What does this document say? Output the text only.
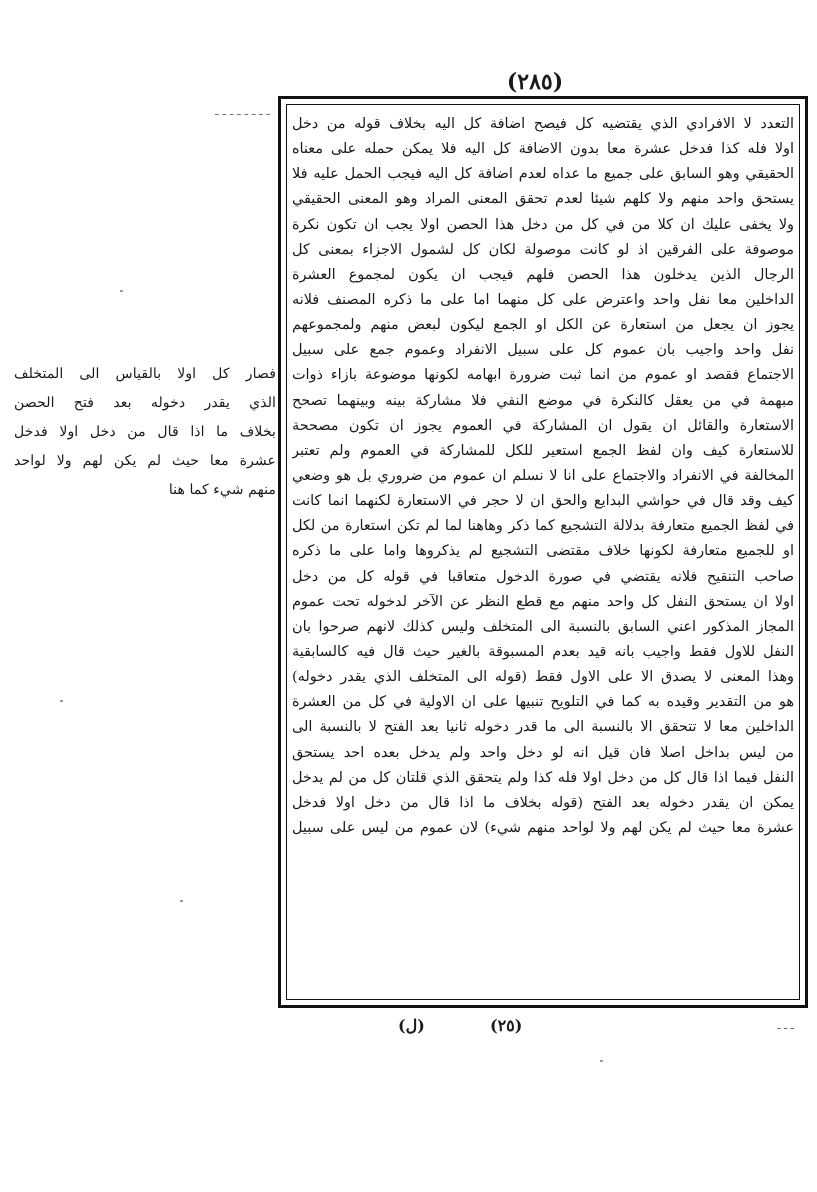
(٢٨٥)
ـ ـ ـ ـ ـ ـ ـ ـ
فصار كل اولا بالقياس الى المتخلف
الذي يقدر دخوله بعد فتح الحصن
بخلاف ما اذا قال من دخل اولا فدخل
عشرة معا حيث لم يكن لهم ولا لواحد
منهم شيء كما هنا
التعدد لا الافرادي الذي يقتضيه كل فيصح اضافة كل اليه بخلاف قوله من دخل
اولا فله كذا فدخل عشرة معا بدون الاضافة كل اليه فلا يمكن حمله على معناه
الحقيقي وهو السابق على جميع ما عداه لعدم اضافة كل اليه فيجب الحمل عليه فلا
يستحق واحد منهم ولا كلهم شيئا لعدم تحقق المعنى المراد وهو المعنى الحقيقي
ولا يخفى عليك ان كلا من في كل من دخل هذا الحصن اولا يجب ان تكون نكرة
موصوفة على الفرقين اذ لو كانت موصولة لكان كل لشمول الاجزاء بمعنى كل
الرجال الذين يدخلون هذا الحصن فلهم فيجب ان يكون لمجموع العشرة
الداخلين معا نفل واحد واعترض على كل منهما اما على ما ذكره المصنف فلانه
يجوز ان يجعل من استعارة عن الكل او الجمع ليكون لبعض منهم ولمجموعهم
نفل واحد واجيب بان عموم كل على سبيل الانفراد وعموم جمع على سبيل
الاجتماع فقصد او عموم من انما ثبت ضرورة ابهامه لكونها موضوعة بازاء ذوات
مبهمة في من يعقل كالنكرة في موضع النفي فلا مشاركة بينه وبينهما تصحح
الاستعارة والقائل ان يقول ان المشاركة في العموم يجوز ان تكون مصححة
للاستعارة كيف وان لفظ الجمع استعير للكل للمشاركة في العموم ولم تعتبر
المخالفة في الانفراد والاجتماع على انا لا نسلم ان عموم من ضروري بل هو وضعي
كيف وقد قال في حواشي البدايع والحق ان لا حجر في الاستعارة لكنهما انما كانت
في لفظ الجميع متعارفة بدلالة التشجيع كما ذكر وهاهنا لما لم تكن استعارة من لكل
او للجميع متعارفة لكونها خلاف مقتضى التشجيع لم يذكروها واما على ما ذكره
صاحب التنقيح فلانه يقتضي في صورة الدخول متعاقبا في قوله كل من دخل
اولا ان يستحق النفل كل واحد منهم مع قطع النظر عن الآخر لدخوله تحت عموم
المجاز المذكور اعني السابق بالنسبة الى المتخلف وليس كذلك لانهم صرحوا بان
النفل للاول فقط واجيب بانه قيد بعدم المسبوقة بالغير حيث قال فيه كالسابقية
وهذا المعنى لا يصدق الا على الاول فقط (قوله الى المتخلف الذي يقدر دخوله)
هو من التقدير وقيده به كما في التلويح تنبيها على ان الاولية في كل من العشرة
الداخلين معا لا تتحقق الا بالنسبة الى ما قدر دخوله ثانيا بعد الفتح لا بالنسبة الى
من ليس بداخل اصلا فان قيل انه لو دخل واحد ولم يدخل بعده احد يستحق
النفل فيما اذا قال كل من دخل اولا فله كذا ولم يتحقق الذي قلتان كل من لم يدخل
يمكن ان يقدر دخوله بعد الفتح (قوله بخلاف ما اذا قال من دخل اولا فدخل
عشرة معا حيث لم يكن لهم ولا لواحد منهم شيء) لان عموم من ليس على سبيل
ـ ـ ـ
(٢٥)
(ل)
